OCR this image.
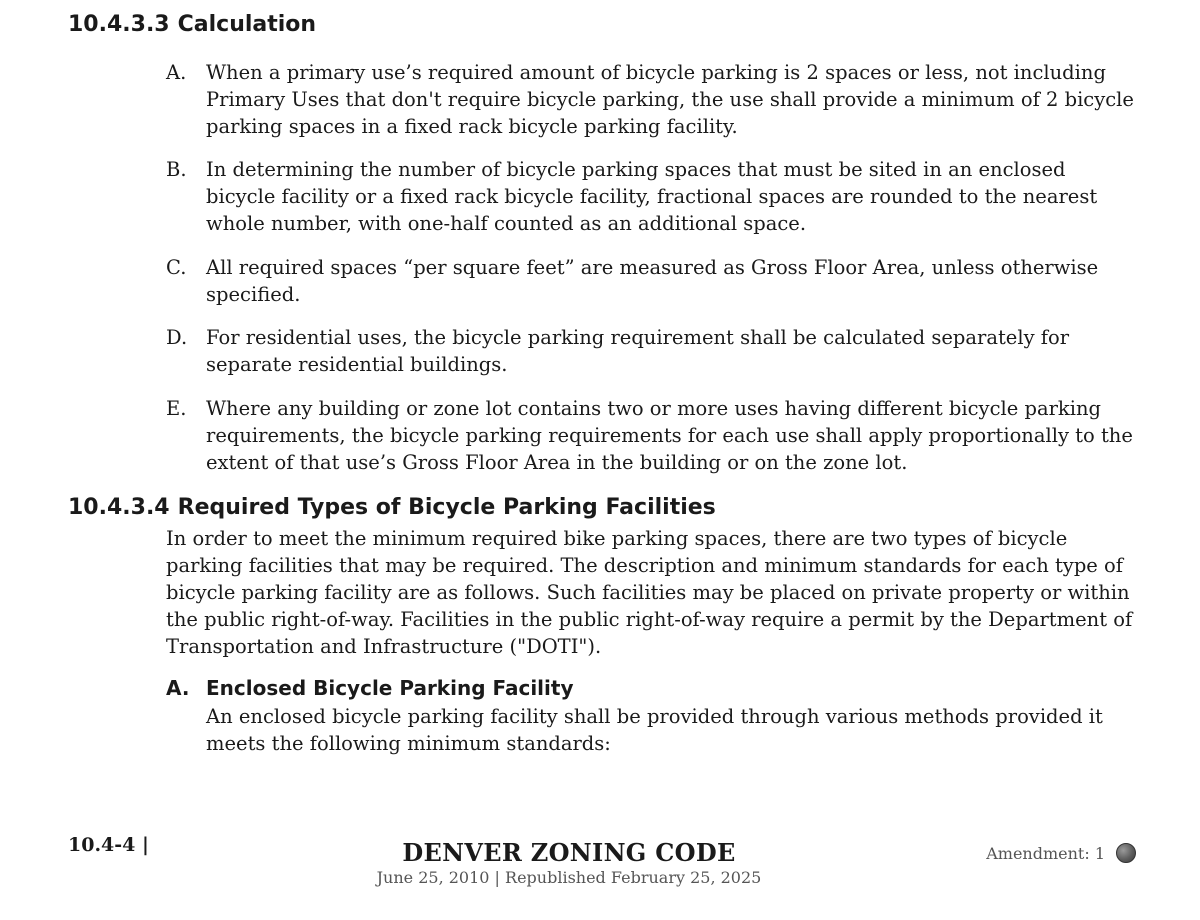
10.4.3.3 Calculation
A.	When a primary use’s required amount of bicycle parking is 2 spaces or less, not including Primary Uses that don't require bicycle parking, the use shall provide a minimum of 2 bicycle parking spaces in a fixed rack bicycle parking facility.
B. In determining the number of bicycle parking spaces that must be sited in an enclosed bicycle facility or a fixed rack bicycle facility, fractional spaces are rounded to the nearest whole number, with one-half counted as an additional space.
C.	All required spaces “per square feet” are measured as Gross Floor Area, unless otherwise specified.
D. For residential uses, the bicycle parking requirement shall be calculated separately for separate residential buildings.
E.	Where any building or zone lot contains two or more uses having different bicycle parking requirements, the bicycle parking requirements for each use shall apply proportionally to the extent of that use’s Gross Floor Area in the building or on the zone lot.
10.4.3.4 Required Types of Bicycle Parking Facilities
In order to meet the minimum required bike parking spaces, there are two types of bicycle parking facilities that may be required. The description and minimum standards for each type of bicycle parking facility are as follows. Such facilities may be placed on private property or within the public right-of-way. Facilities in the public right-of-way require a permit by the Department of Transportation and Infrastructure ("DOTI").
A. Enclosed Bicycle Parking Facility
An enclosed bicycle parking facility shall be provided through various methods provided it meets the following minimum standards:
10.4-4 |	DENVER ZONING CODE
June 25, 2010 | Republished February 25, 2025
Amendment: 1
